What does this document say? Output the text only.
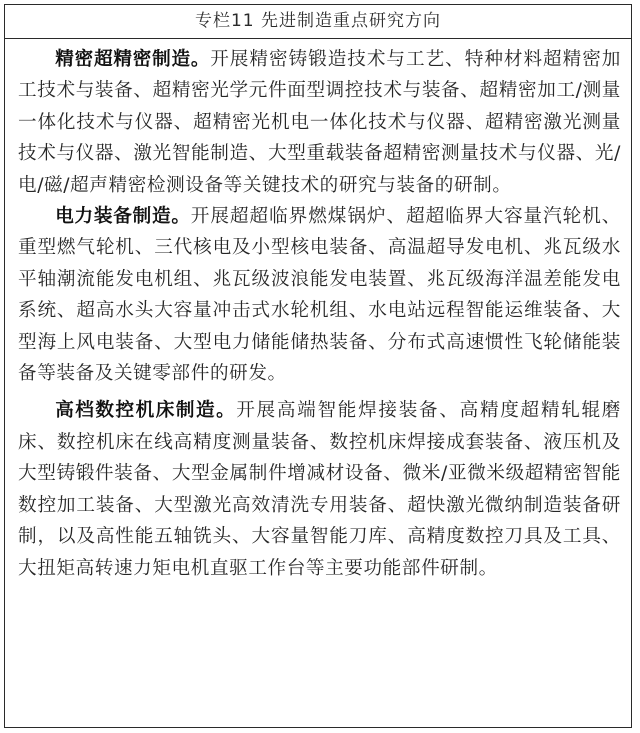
专栏11 先进制造重点研究方向

精密超精密制造。开展精密铸锻造技术与工艺、特种材料超精密加工技术与装备、超精密光学元件面型调控技术与装备、超精密加工/测量一体化技术与仪器、超精密光机电一体化技术与仪器、超精密激光测量技术与仪器、激光智能制造、大型重载装备超精密测量技术与仪器、光/电/磁/超声精密检测设备等关键技术的研究与装备的研制。

电力装备制造。开展超超临界燃煤锅炉、超超临界大容量汽轮机、重型燃气轮机、三代核电及小型核电装备、高温超导发电机、兆瓦级水平轴潮流能发电机组、兆瓦级波浪能发电装置、兆瓦级海洋温差能发电系统、超高水头大容量冲击式水轮机组、水电站远程智能运维装备、大型海上风电装备、大型电力储能储热装备、分布式高速惯性飞轮储能装备等装备及关键零部件的研发。

高档数控机床制造。开展高端智能焊接装备、高精度超精轧辊磨床、数控机床在线高精度测量装备、数控机床焊接成套装备、液压机及大型铸锻件装备、大型金属制件增减材设备、微米/亚微米级超精密智能数控加工装备、大型激光高效清洗专用装备、超快激光微纳制造装备研制，以及高性能五轴铣头、大容量智能刀库、高精度数控刀具及工具、大扭矩高转速力矩电机直驱工作台等主要功能部件研制。
